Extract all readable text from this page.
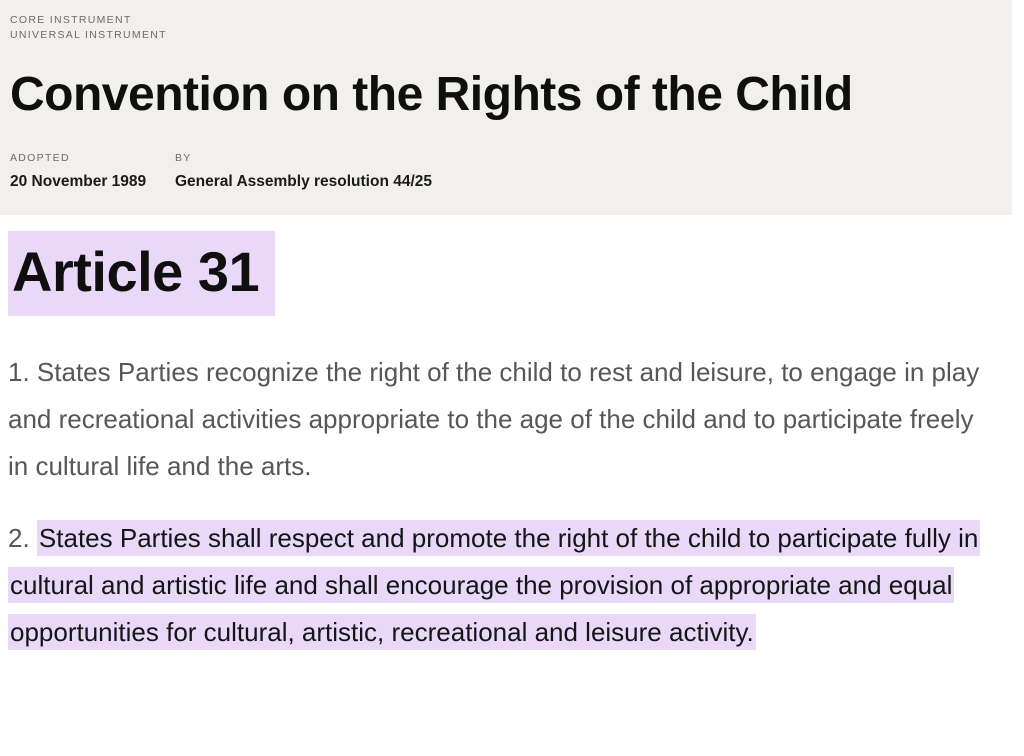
CORE INSTRUMENT
UNIVERSAL INSTRUMENT
Convention on the Rights of the Child
ADOPTED
20 November 1989
BY
General Assembly resolution 44/25
Article 31

1. States Parties recognize the right of the child to rest and leisure, to engage in play and recreational activities appropriate to the age of the child and to participate freely in cultural life and the arts.

2. States Parties shall respect and promote the right of the child to participate fully in cultural and artistic life and shall encourage the provision of appropriate and equal opportunities for cultural, artistic, recreational and leisure activity.
